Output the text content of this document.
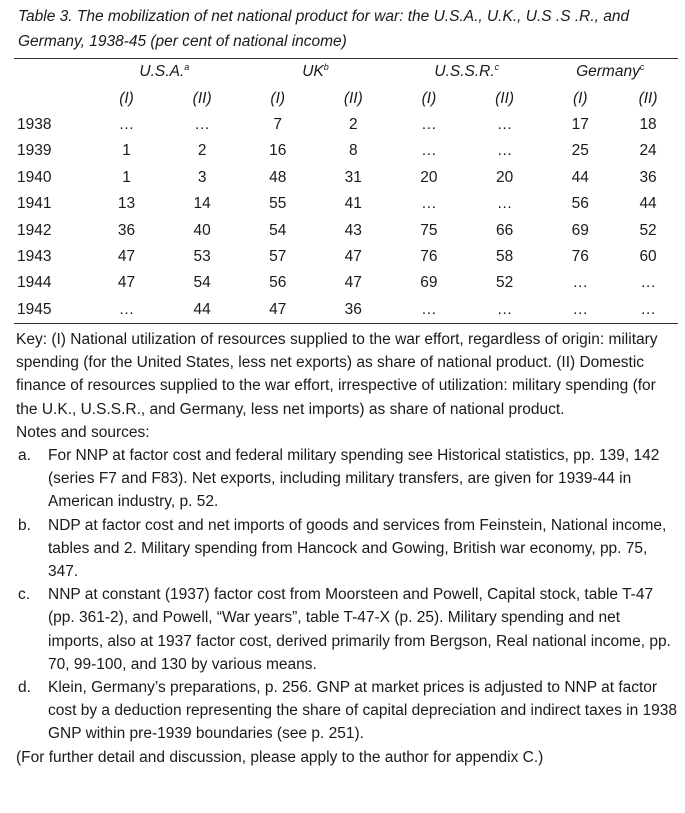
Table 3. The mobilization of net national product for war: the U.S.A., U.K., U.S .S .R., and Germany, 1938-45 (per cent of national income)
	U.S.A.$^a$		$UK^b$		U.S.S.R.$^c$		Germany$^c$
	(I)	(II)	(I)	(II)	(I)	(II)	(I)	(II)
1938	…	…	7	2	…	…	17	18
1939	1	2	16	8	…	…	25	24
1940	1	3	48	31	20	20	44	36
1941	13	14	55	41	…	…	56	44
1942	36	40	54	43	75	66	69	52
1943	47	53	57	47	76	58	76	60
1944	47	54	56	47	69	52	…	…
1945	…	44	47	36	…	…	…	…

Key: (I) National utilization of resources supplied to the war effort, regardless of origin: military spending (for the United States, less net exports) as share of national product. (II) Domestic finance of resources supplied to the war effort, irrespective of utilization: military spending (for the U.K., U.S.S.R., and Germany, less net imports) as share of national product.

Notes and sources:

a. For NNP at factor cost and federal military spending see Historical statistics, pp. 139, 142 (series F7 and F83). Net exports, including military transfers, are given for 1939-44 in American industry, p. 52.
b. NDP at factor cost and net imports of goods and services from Feinstein, National income, tables and 2. Military spending from Hancock and Gowing, British war economy, pp. 75, 347.
c. NNP at constant (1937) factor cost from Moorsteen and Powell, Capital stock, table T-47 (pp. 361-2), and Powell, “War years”, table T-47-X (p. 25). Military spending and net imports, also at 1937 factor cost, derived primarily from Bergson, Real national income, pp. 70, 99-100, and 130 by various means.
d. Klein, Germany’s preparations, p. 256. GNP at market prices is adjusted to NNP at factor cost by a deduction representing the share of capital depreciation and indirect taxes in 1938 GNP within pre-1939 boundaries (see p. 251).

(For further detail and discussion, please apply to the author for appendix C.)
